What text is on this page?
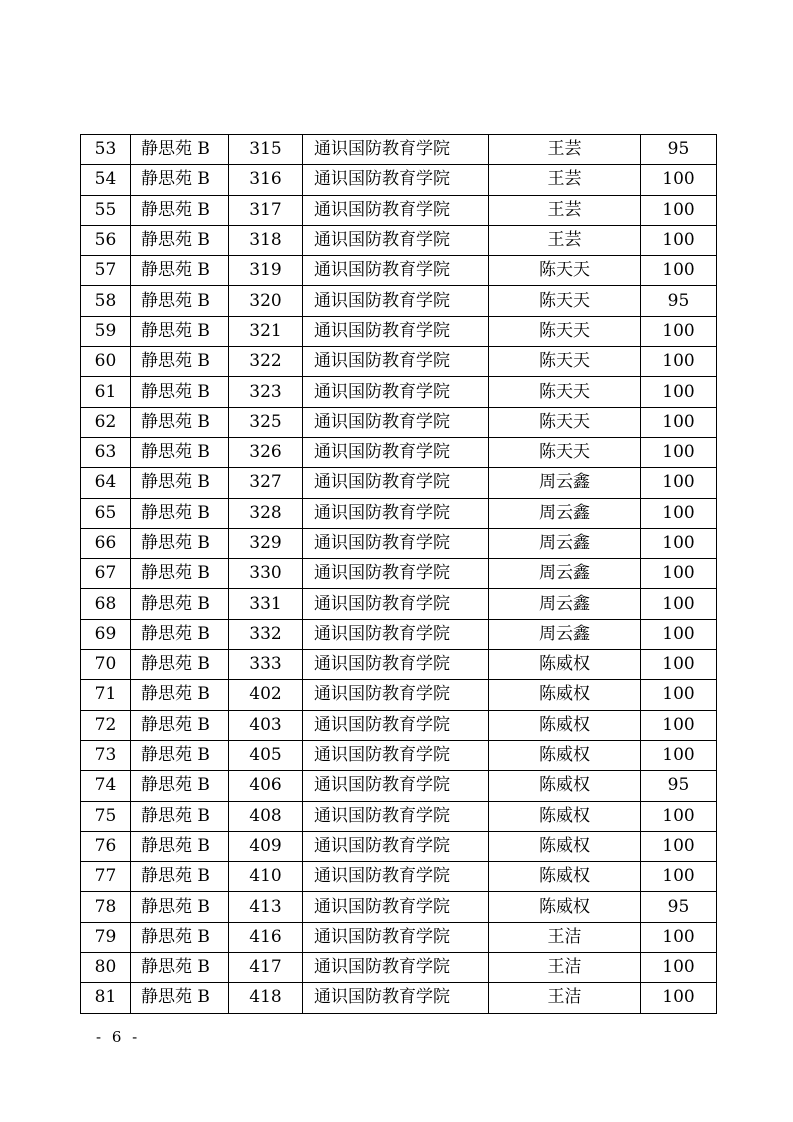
53	静思苑 B	315	通识国防教育学院	王芸	95
54	静思苑 B	316	通识国防教育学院	王芸	100
55	静思苑 B	317	通识国防教育学院	王芸	100
56	静思苑 B	318	通识国防教育学院	王芸	100
57	静思苑 B	319	通识国防教育学院	陈天天	100
58	静思苑 B	320	通识国防教育学院	陈天天	95
59	静思苑 B	321	通识国防教育学院	陈天天	100
60	静思苑 B	322	通识国防教育学院	陈天天	100
61	静思苑 B	323	通识国防教育学院	陈天天	100
62	静思苑 B	325	通识国防教育学院	陈天天	100
63	静思苑 B	326	通识国防教育学院	陈天天	100
64	静思苑 B	327	通识国防教育学院	周云鑫	100
65	静思苑 B	328	通识国防教育学院	周云鑫	100
66	静思苑 B	329	通识国防教育学院	周云鑫	100
67	静思苑 B	330	通识国防教育学院	周云鑫	100
68	静思苑 B	331	通识国防教育学院	周云鑫	100
69	静思苑 B	332	通识国防教育学院	周云鑫	100
70	静思苑 B	333	通识国防教育学院	陈威权	100
71	静思苑 B	402	通识国防教育学院	陈威权	100
72	静思苑 B	403	通识国防教育学院	陈威权	100
73	静思苑 B	405	通识国防教育学院	陈威权	100
74	静思苑 B	406	通识国防教育学院	陈威权	95
75	静思苑 B	408	通识国防教育学院	陈威权	100
76	静思苑 B	409	通识国防教育学院	陈威权	100
77	静思苑 B	410	通识国防教育学院	陈威权	100
78	静思苑 B	413	通识国防教育学院	陈威权	95
79	静思苑 B	416	通识国防教育学院	王洁	100
80	静思苑 B	417	通识国防教育学院	王洁	100
81	静思苑 B	418	通识国防教育学院	王洁	100
- 6 -
